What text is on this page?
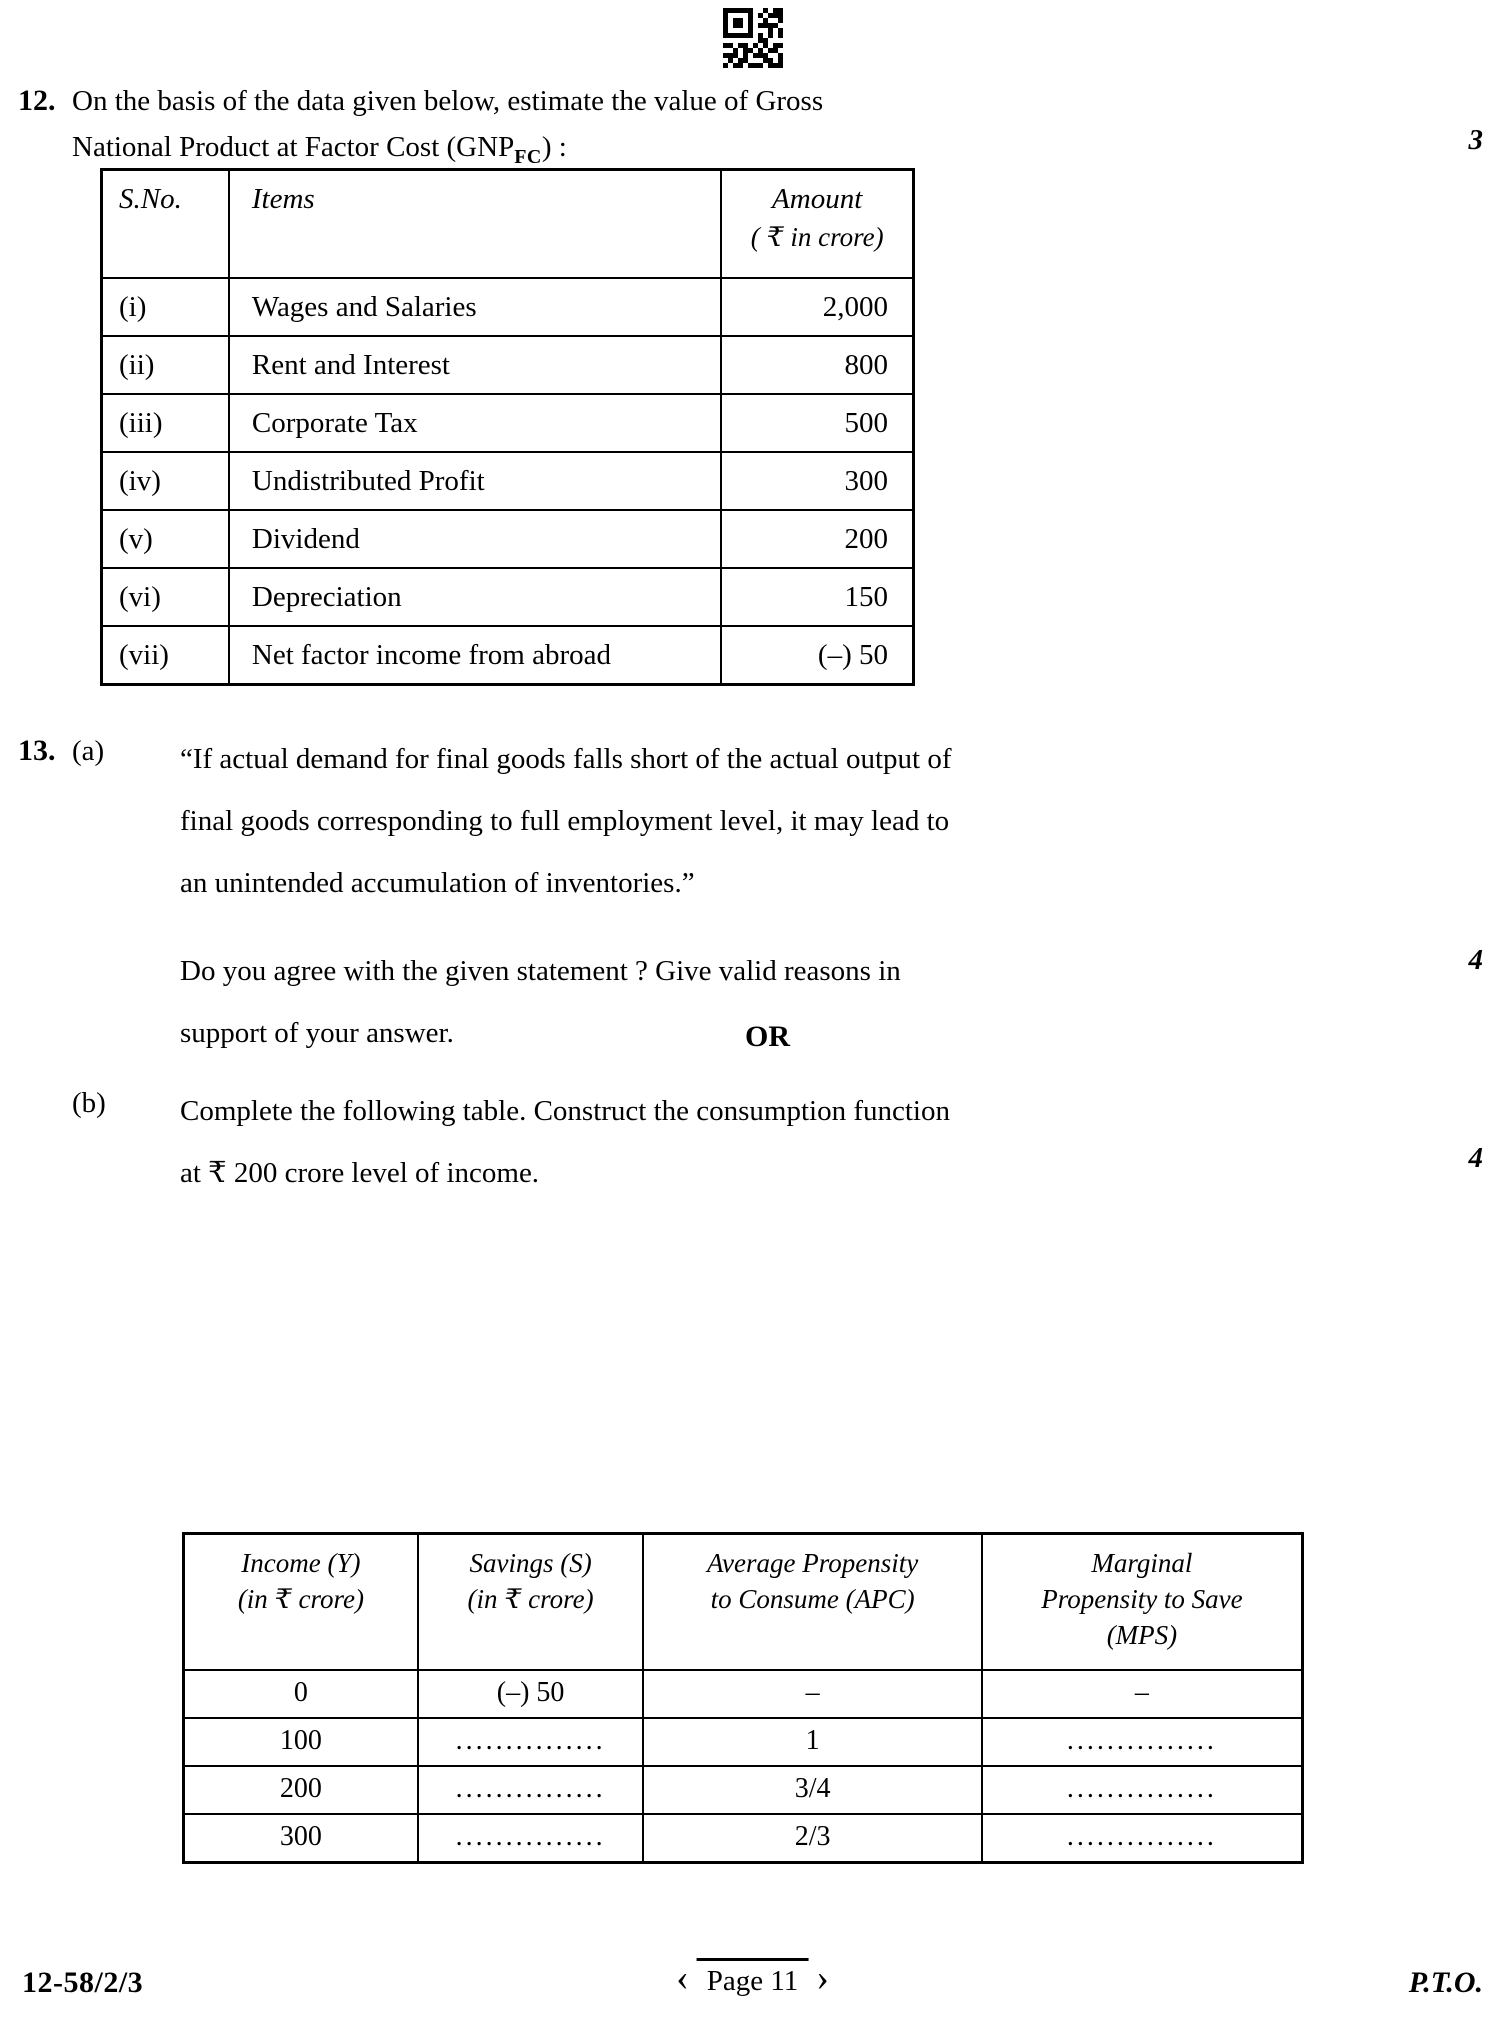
12. On the basis of the data given below, estimate the value of Gross
National Product at Factor Cost $(GNP_{FC})$ :	3
S.No.	Items	Amount
( ₹ in crore)

(i)	Wages and Salaries	2,000
(ii)	Rent and Interest	800
(iii)	Corporate Tax	500
(iv)	Undistributed Profit	300
(v)	Dividend	200
(vi)	Depreciation	150
(vii)	Net factor income from abroad	(–) 50
13. (a)	“If actual demand for final goods falls short of the actual output of
final goods corresponding to full employment level, it may lead to
an unintended accumulation of inventories.”
Do you agree with the given statement ? Give valid reasons in
support of your answer.
4
OR
(b)	Complete the following table. Construct the consumption function
at ₹ 200 crore level of income.	4
Income (Y)
(in ₹ crore)

Savings (S)
(in ₹ crore)

Average Propensity
to Consume (APC)

Marginal
Propensity to Save
(MPS)

0	(–) 50	–	–
100	...............	1	...............
200	...............	3/4	...............
300	...............	2/3	...............
12-58/2/3	‹ Page 11 ›	P.T.O.
